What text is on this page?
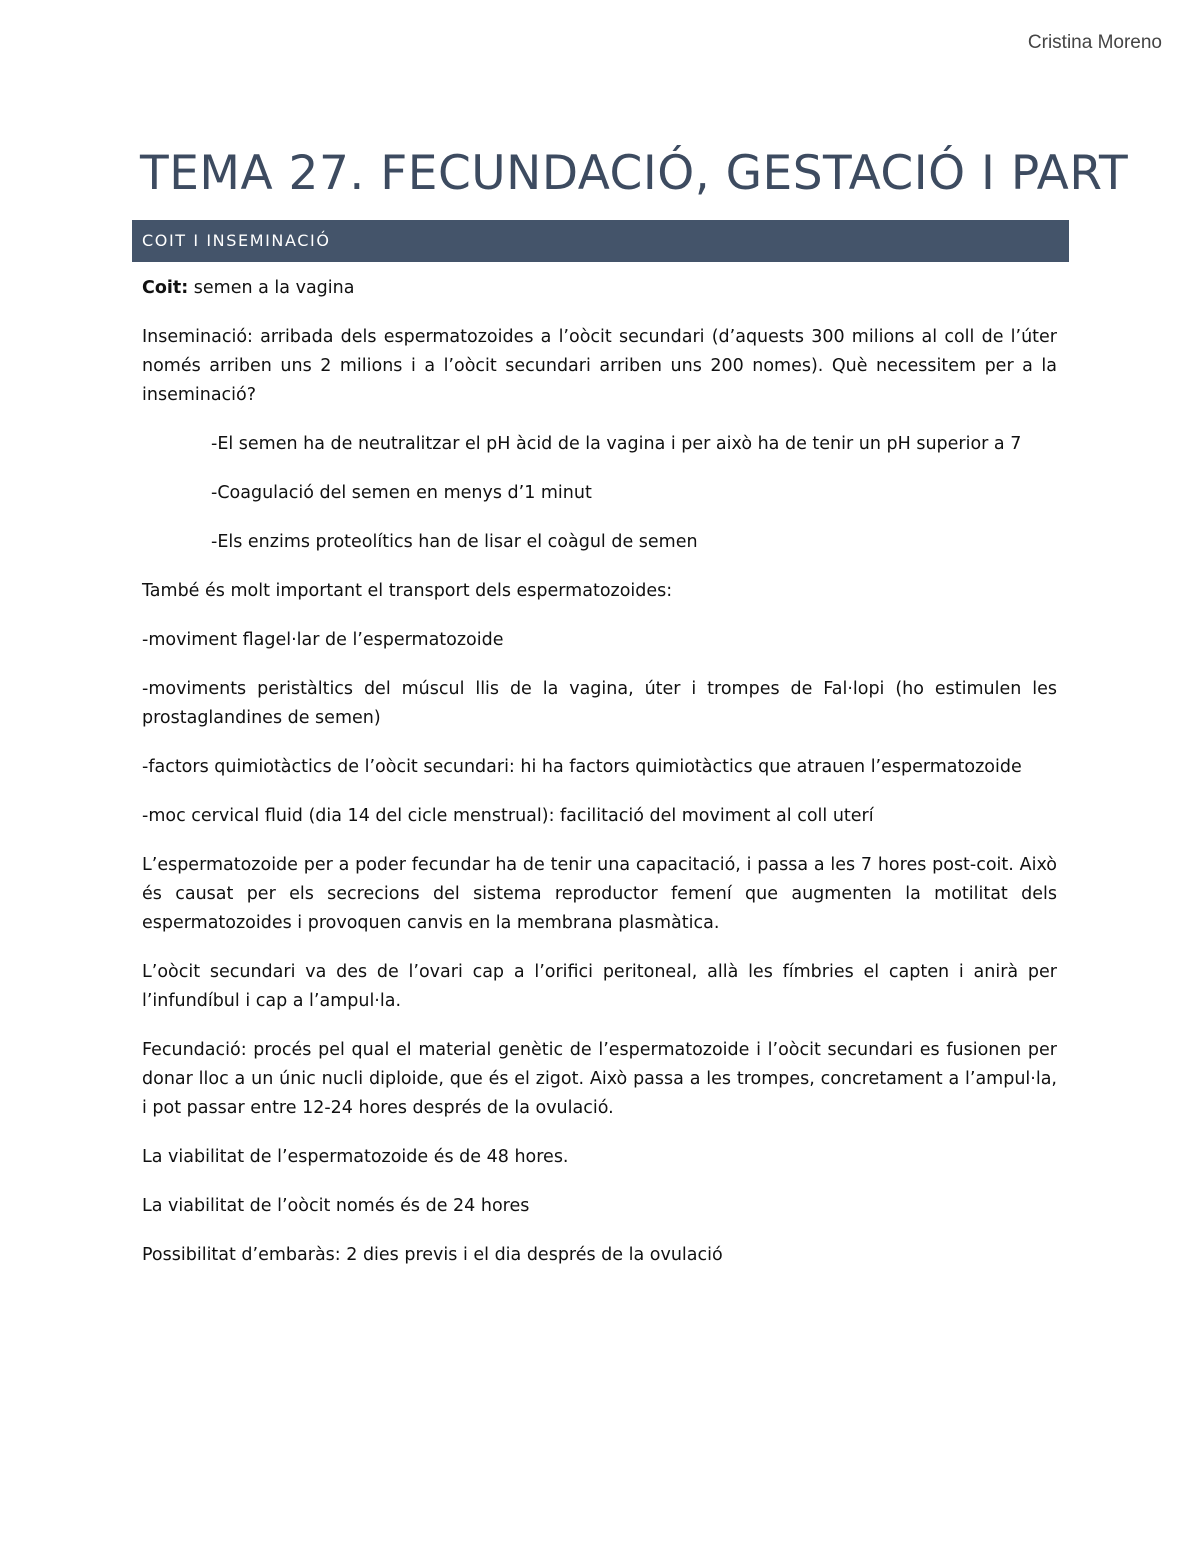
Cristina Moreno
TEMA 27. FECUNDACIÓ, GESTACIÓ I PART
COIT I INSEMINACIÓ

Coit: semen a la vagina

Inseminació: arribada dels espermatozoides a l’oòcit secundari (d’aquests 300 milions al coll de l’úter només arriben uns 2 milions i a l’oòcit secundari arriben uns 200 nomes). Què necessitem per a la inseminació?

-El semen ha de neutralitzar el pH àcid de la vagina i per això ha de tenir un pH superior a 7

-Coagulació del semen en menys d’1 minut

-Els enzims proteolítics han de lisar el coàgul de semen

També és molt important el transport dels espermatozoides:

-moviment flagel·lar de l’espermatozoide

-moviments peristàltics del múscul llis de la vagina, úter i trompes de Fal·lopi (ho estimulen les prostaglandines de semen)

-factors quimiotàctics de l’oòcit secundari: hi ha factors quimiotàctics que atrauen l’espermatozoide

-moc cervical fluid (dia 14 del cicle menstrual): facilitació del moviment al coll uterí

L’espermatozoide per a poder fecundar ha de tenir una capacitació, i passa a les 7 hores post-coit. Això és causat per els secrecions del sistema reproductor femení que augmenten la motilitat dels espermatozoides i provoquen canvis en la membrana plasmàtica.

L’oòcit secundari va des de l’ovari cap a l’orifici peritoneal, allà les fímbries el capten i anirà per l’infundíbul i cap a l’ampul·la.

Fecundació: procés pel qual el material genètic de l’espermatozoide i l’oòcit secundari es fusionen per donar lloc a un únic nucli diploide, que és el zigot. Això passa a les trompes, concretament a l’ampul·la, i pot passar entre 12-24 hores després de la ovulació.

La viabilitat de l’espermatozoide és de 48 hores.

La viabilitat de l’oòcit només és de 24 hores

Possibilitat d’embaràs: 2 dies previs i el dia després de la ovulació
